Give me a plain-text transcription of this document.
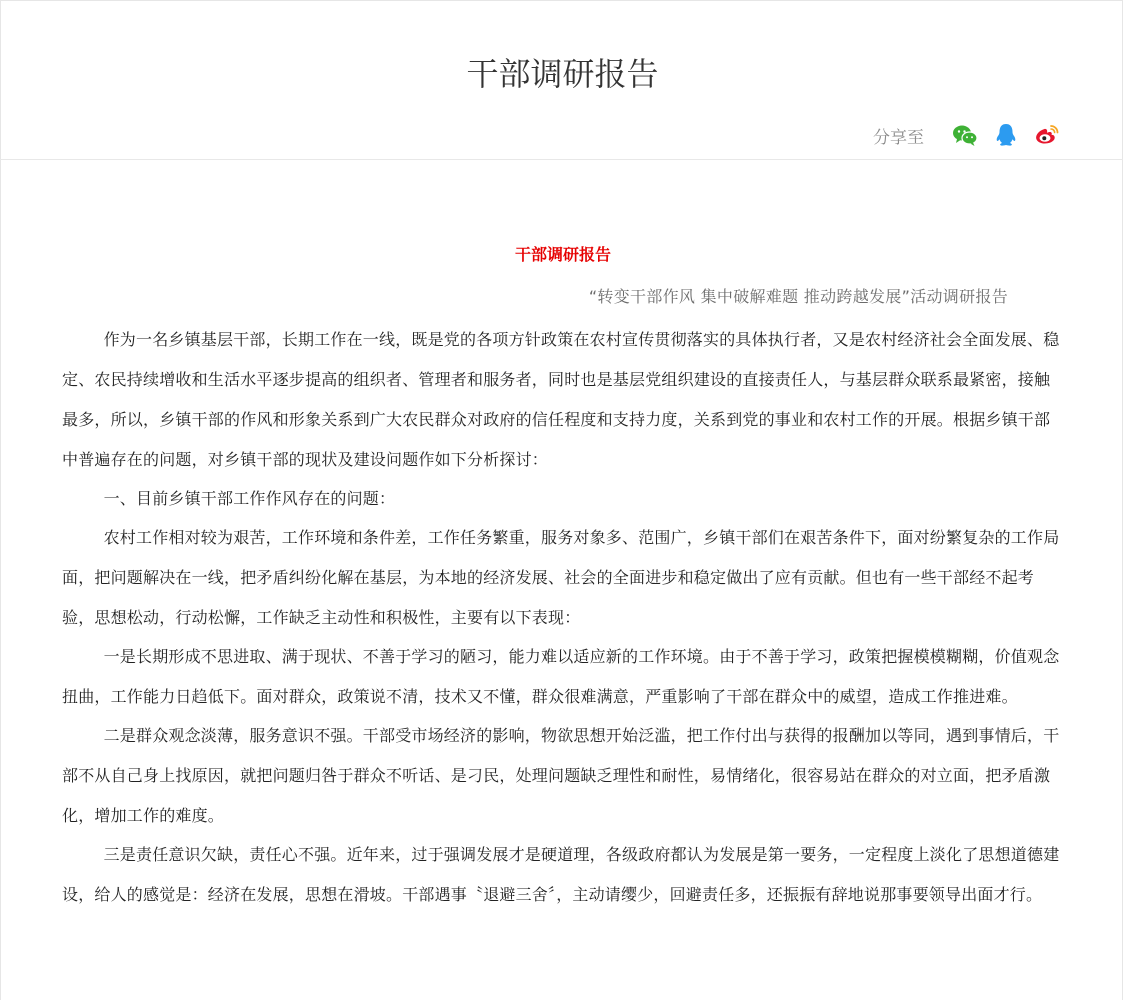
干部调研报告
分享至

干部调研报告

“转变干部作风 集中破解难题 推动跨越发展”活动调研报告

作为一名乡镇基层干部，长期工作在一线，既是党的各项方针政策在农村宣传贯彻落实的具体执行者，又是农村经济社会全面发展、稳定、农民持续增收和生活水平逐步提高的组织者、管理者和服务者，同时也是基层党组织建设的直接责任人，与基层群众联系最紧密，接触最多，所以，乡镇干部的作风和形象关系到广大农民群众对政府的信任程度和支持力度，关系到党的事业和农村工作的开展。根据乡镇干部中普遍存在的问题，对乡镇干部的现状及建设问题作如下分析探讨：

一、目前乡镇干部工作作风存在的问题：

农村工作相对较为艰苦，工作环境和条件差，工作任务繁重，服务对象多、范围广，乡镇干部们在艰苦条件下，面对纷繁复杂的工作局面，把问题解决在一线，把矛盾纠纷化解在基层，为本地的经济发展、社会的全面进步和稳定做出了应有贡献。但也有一些干部经不起考验，思想松动，行动松懈，工作缺乏主动性和积极性，主要有以下表现：

一是长期形成不思进取、满于现状、不善于学习的陋习，能力难以适应新的工作环境。由于不善于学习，政策把握模模糊糊，价值观念扭曲，工作能力日趋低下。面对群众，政策说不清，技术又不懂，群众很难满意，严重影响了干部在群众中的威望，造成工作推进难。

二是群众观念淡薄，服务意识不强。干部受市场经济的影响，物欲思想开始泛滥，把工作付出与获得的报酬加以等同，遇到事情后，干部不从自己身上找原因，就把问题归咎于群众不听话、是刁民，处理问题缺乏理性和耐性，易情绪化，很容易站在群众的对立面，把矛盾激化，增加工作的难度。

三是责任意识欠缺，责任心不强。近年来，过于强调发展才是硬道理，各级政府都认为发展是第一要务，一定程度上淡化了思想道德建设，给人的感觉是：经济在发展，思想在滑坡。干部遇事〝退避三舍〞，主动请缨少，回避责任多，还振振有辞地说那事要领导出面才行。
